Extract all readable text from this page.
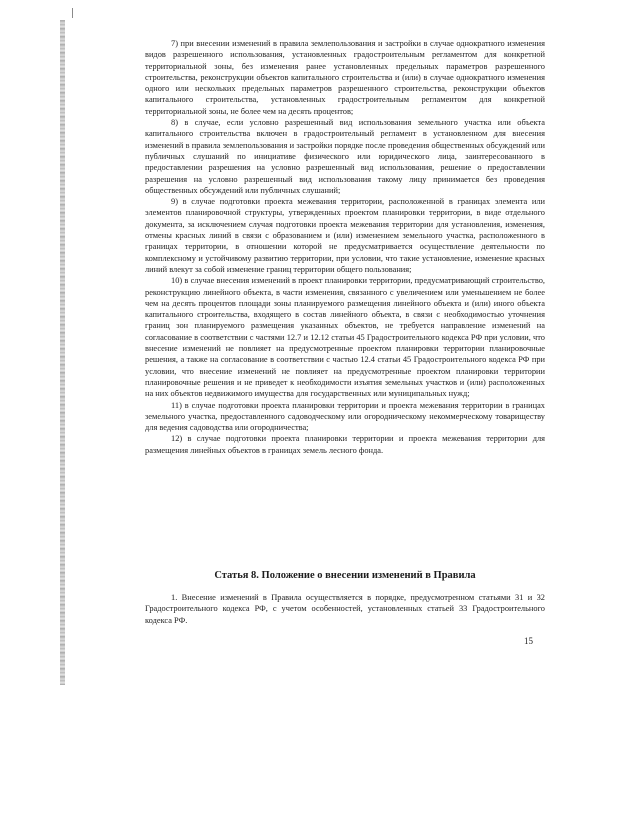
7) при внесении изменений в правила землепользования и застройки в случае однократного изменения видов разрешенного использования, установленных градостроительным регламентом для конкретной территориальной зоны, без изменения ранее установленных предельных параметров разрешенного строительства, реконструкции объектов капитального строительства и (или) в случае однократного изменения одного или нескольких предельных параметров разрешенного строительства, реконструкции объектов капитального строительства, установленных градостроительным регламентом для конкретной территориальной зоны, не более чем на десять процентов;

8) в случае, если условно разрешенный вид использования земельного участка или объекта капитального строительства включен в градостроительный регламент в установленном для внесения изменений в правила землепользования и застройки порядке после проведения общественных обсуждений или публичных слушаний по инициативе физического или юридического лица, заинтересованного в предоставлении разрешения на условно разрешенный вид использования, решение о предоставлении разрешения на условно разрешенный вид использования такому лицу принимается без проведения общественных обсуждений или публичных слушаний;

9) в случае подготовки проекта межевания территории, расположенной в границах элемента или элементов планировочной структуры, утвержденных проектом планировки территории, в виде отдельного документа, за исключением случая подготовки проекта межевания территории для установления, изменения, отмены красных линий в связи с образованием и (или) изменением земельного участка, расположенного в границах территории, в отношении которой не предусматривается осуществление деятельности по комплексному и устойчивому развитию территории, при условии, что такие установление, изменение красных линий влекут за собой изменение границ территории общего пользования;

10) в случае внесения изменений в проект планировки территории, предусматривающий строительство, реконструкцию линейного объекта, в части изменения, связанного с увеличением или уменьшением не более чем на десять процентов площади зоны планируемого размещения линейного объекта и (или) иного объекта капитального строительства, входящего в состав линейного объекта, в связи с необходимостью уточнения границ зон планируемого размещения указанных объектов, не требуется направление изменений на согласование в соответствии с частями 12.7 и 12.12 статьи 45 Градостроительного кодекса РФ при условии, что внесение изменений не повлияет на предусмотренные проектом планировки территории планировочные решения, а также на согласование в соответствии с частью 12.4 статьи 45 Градостроительного кодекса РФ при условии, что внесение изменений не повлияет на предусмотренные проектом планировки территории планировочные решения и не приведет к необходимости изъятия земельных участков и (или) расположенных на них объектов недвижимого имущества для государственных или муниципальных нужд;

11) в случае подготовки проекта планировки территории и проекта межевания территории в границах земельного участка, предоставленного садоводческому или огородническому некоммерческому товариществу для ведения садоводства или огородничества;

12) в случае подготовки проекта планировки территории и проекта межевания территории для размещения линейных объектов в границах земель лесного фонда.

Статья 8. Положение о внесении изменений в Правила

1. Внесение изменений в Правила осуществляется в порядке, предусмотренном статьями 31 и 32 Градостроительного кодекса РФ, с учетом особенностей, установленных статьей 33 Градостроительного кодекса РФ.

15
